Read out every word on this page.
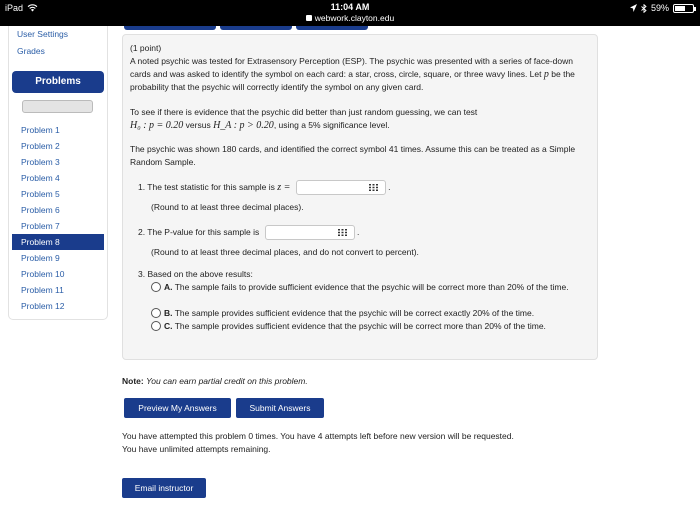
iPad	11:04 AM
webwork.clayton.edu
59%
User Settings
Grades
Problems
Problem 1
Problem 2
Problem 3
Problem 4
Problem 5
Problem 6
Problem 7
Problem 8
Problem 9
Problem 10
Problem 11
Problem 12
(1 point)
A noted psychic was tested for Extrasensory Perception (ESP). The psychic was presented with a series of face-down cards and was asked to identify the symbol on each card: a star, cross, circle, square, or three wavy lines. Let p be the probability that the psychic will correctly identify the symbol on any given card.
To see if there is evidence that the psychic did better than just random guessing, we can test
H₀ : p = 0.20 versus H_A : p > 0.20, using a 5% significance level.
The psychic was shown 180 cards, and identified the correct symbol 41 times. Assume this can be treated as a Simple Random Sample.
1. The test statistic for this sample is z =	.
(Round to at least three decimal places).
2. The P-value for this sample is	.
(Round to at least three decimal places, and do not convert to percent).
3. Based on the above results:
A. The sample fails to provide sufficient evidence that the psychic will be correct more than 20% of the time.
B. The sample provides sufficient evidence that the psychic will be correct exactly 20% of the time.
C. The sample provides sufficient evidence that the psychic will be correct more than 20% of the time.
Note: You can earn partial credit on this problem.
Preview My Answers	Submit Answers
You have attempted this problem 0 times. You have 4 attempts left before new version will be requested.
You have unlimited attempts remaining.
Email instructor
